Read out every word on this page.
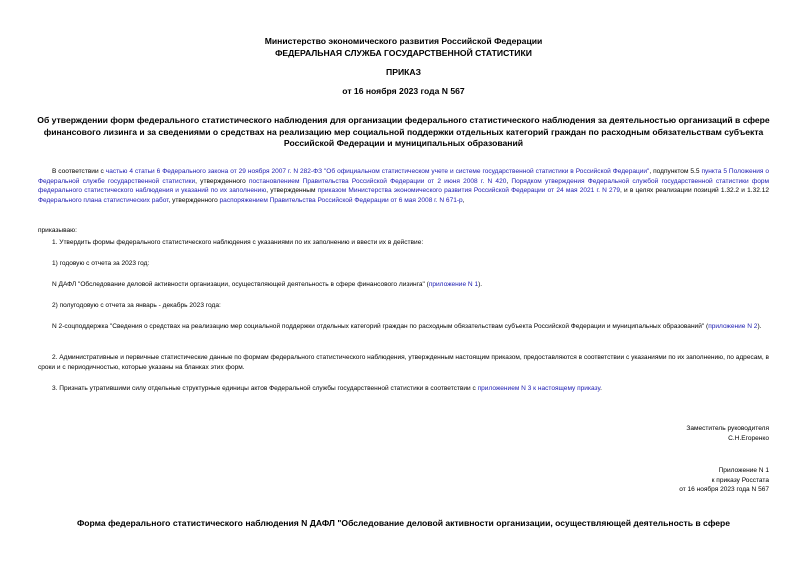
Министерство экономического развития Российской Федерации
ФЕДЕРАЛЬНАЯ СЛУЖБА ГОСУДАРСТВЕННОЙ СТАТИСТИКИ
ПРИКАЗ
от 16 ноября 2023 года N 567
Об утверждении форм федерального статистического наблюдения для организации федерального статистического наблюдения за деятельностью организаций в сфере финансового лизинга и за сведениями о средствах на реализацию мер социальной поддержки отдельных категорий граждан по расходным обязательствам субъекта Российской Федерации и муниципальных образований
В соответствии с частью 4 статьи 6 Федерального закона от 29 ноября 2007 г. N 282-ФЗ "Об официальном статистическом учете и системе государственной статистики в Российской Федерации", подпунктом 5.5 пункта 5 Положения о Федеральной службе государственной статистики, утвержденного постановлением Правительства Российской Федерации от 2 июня 2008 г. N 420, Порядком утверждения Федеральной службой государственной статистики форм федерального статистического наблюдения и указаний по их заполнению, утвержденным приказом Министерства экономического развития Российской Федерации от 24 мая 2021 г. N 279, и в целях реализации позиций 1.32.2 и 1.32.12 Федерального плана статистических работ, утвержденного распоряжением Правительства Российской Федерации от 6 мая 2008 г. N 671-р,
приказываю:
1. Утвердить формы федерального статистического наблюдения с указаниями по их заполнению и ввести их в действие:
1) годовую с отчета за 2023 год:
N ДАФЛ "Обследование деловой активности организации, осуществляющей деятельность в сфере финансового лизинга" (приложение N 1).
2) полугодовую с отчета за январь - декабрь 2023 года:
N 2-соцподдержка "Сведения о средствах на реализацию мер социальной поддержки отдельных категорий граждан по расходным обязательствам субъекта Российской Федерации и муниципальных образований" (приложение N 2).
2. Административные и первичные статистические данные по формам федерального статистического наблюдения, утвержденным настоящим приказом, предоставляются в соответствии с указаниями по их заполнению, по адресам, в сроки и с периодичностью, которые указаны на бланках этих форм.
3. Признать утратившими силу отдельные структурные единицы актов Федеральной службы государственной статистики в соответствии с приложением N 3 к настоящему приказу.
Заместитель руководителя
С.Н.Егоренко
Приложение N 1
к приказу Росстата
от 16 ноября 2023 года N 567
Форма федерального статистического наблюдения N ДАФЛ "Обследование деловой активности организации, осуществляющей деятельность в сфере
